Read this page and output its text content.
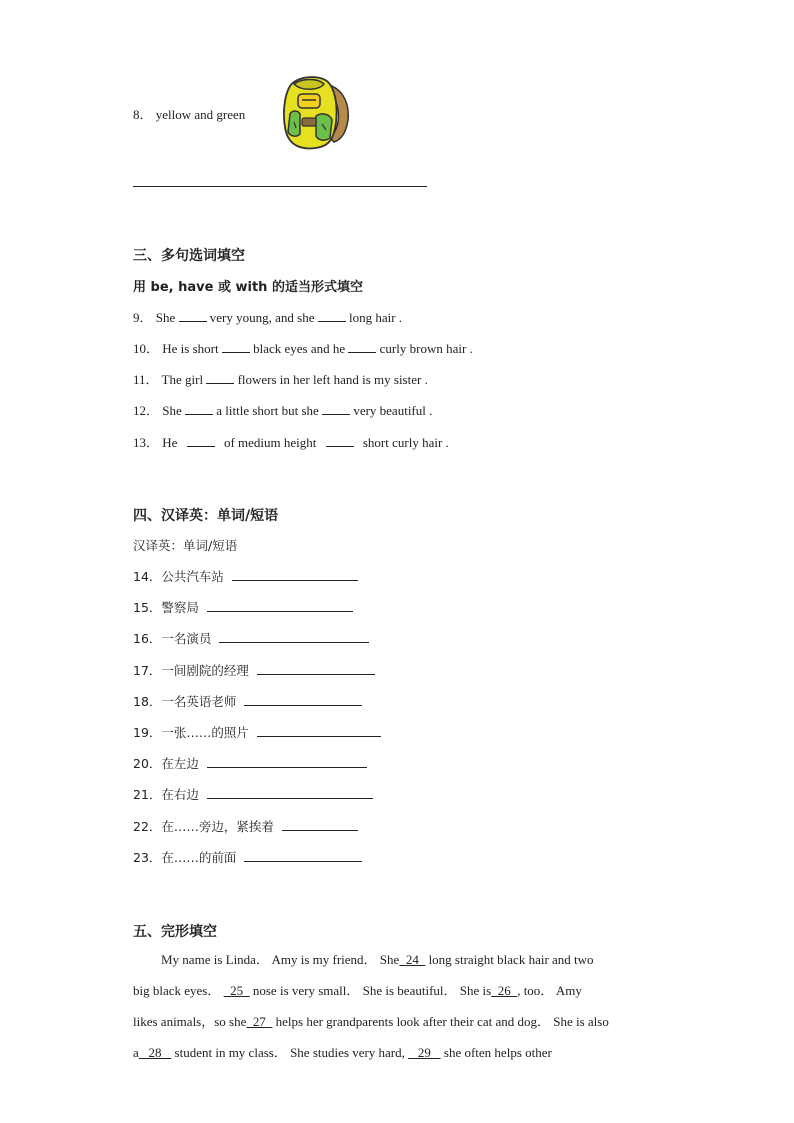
8． yellow and green
三、多句选词填空
用 be, have 或 with 的适当形式填空
9． She	very young, and she	long hair .
10． He is short	black eyes and he	curly brown hair .
11． The girl	flowers in her left hand is my sister .
12． She	a little short but she	very beautiful .
13． He	of medium height	short curly hair .
四、汉译英：单词/短语
汉译英：单词/短语
14．公共汽车站
15．警察局
16．一名演员
17．一间剧院的经理
18．一名英语老师
19．一张……的照片
20．在左边
21．在右边
22．在……旁边，紧挨着
23．在……的前面
五、完形填空
My name is Linda． Amy is my friend． She 24 long straight black hair and two
big black eyes． 25 nose is very small． She is beautiful． She is 26 , too． Amy
likes animals，so she 27 helps her grandparents look after their cat and dog． She is also
a 28 student in my class． She studies very hard, 29 she often helps other
